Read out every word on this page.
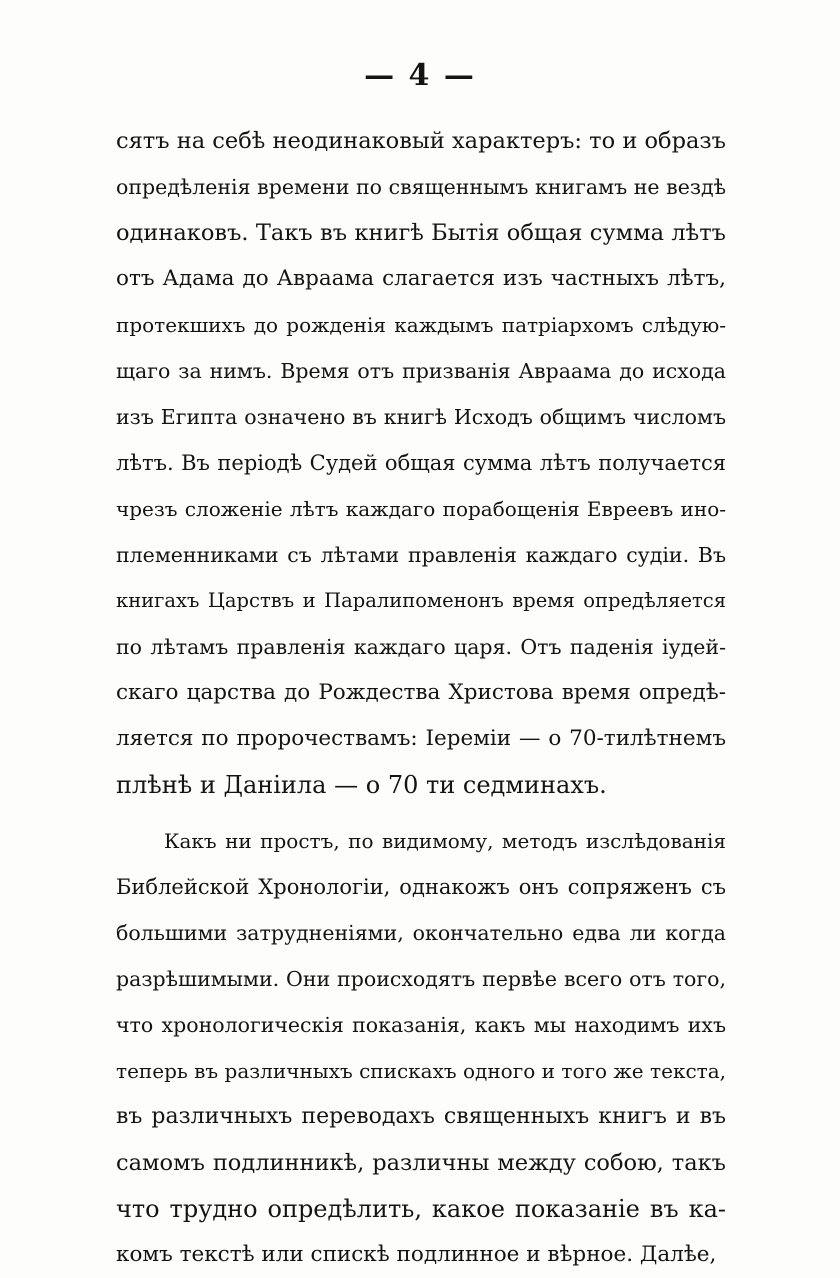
— 4 —
сятъ на себѣ неодинаковый характеръ: то и образъ
опредѣленія времени по священнымъ книгамъ не вездѣ
одинаковъ. Такъ въ книгѣ Бытія общая сумма лѣтъ
отъ Адама до Авраама слагается изъ частныхъ лѣтъ,
протекшихъ до рожденія каждымъ патріархомъ слѣдую-
щаго за нимъ. Время отъ призванія Авраама до исхода
изъ Египта означено въ книгѣ Исходъ общимъ числомъ
лѣтъ. Въ періодѣ Судей общая сумма лѣтъ получается
чрезъ сложеніе лѣтъ каждаго порабощенія Евреевъ ино-
племенниками съ лѣтами правленія каждаго судіи. Въ
книгахъ Царствъ и Паралипоменонъ время опредѣляется
по лѣтамъ правленія каждаго царя. Отъ паденія іудей-
скаго царства до Рождества Христова время опредѣ-
ляется по пророчествамъ: Іереміи — о 70-тилѣтнемъ
плѣнѣ и Даніила — о 70 ти седминахъ.
Какъ ни простъ, по видимому, методъ изслѣдованія
Библейской Хронологіи, однакожъ онъ сопряженъ съ
большими затрудненіями, окончательно едва ли когда
разрѣшимыми. Они происходятъ первѣе всего отъ того,
что хронологическія показанія, какъ мы находимъ ихъ
теперь въ различныхъ спискахъ одного и того же текста,
въ различныхъ переводахъ священныхъ книгъ и въ
самомъ подлинникѣ, различны между собою, такъ
что трудно опредѣлить, какое показаніе въ ка-
комъ текстѣ или спискѣ подлинное и вѣрное. Далѣе,
